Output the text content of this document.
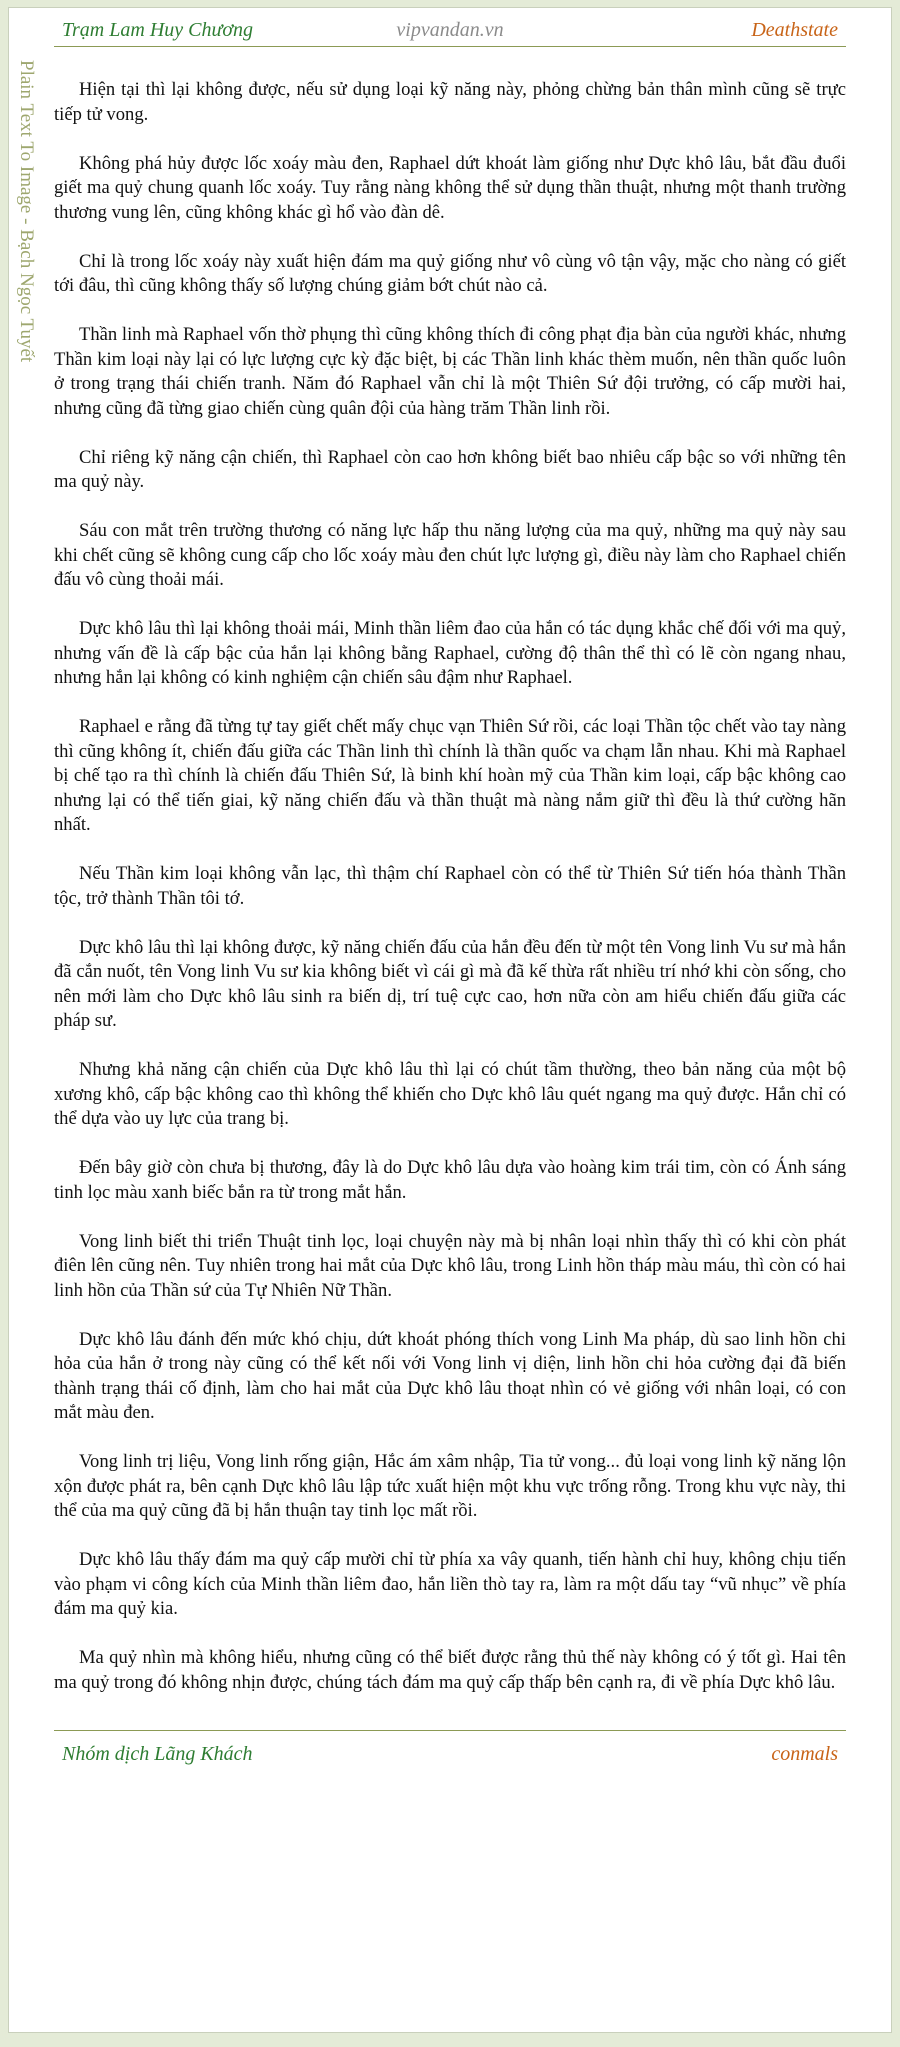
Trạm Lam Huy Chương	vipvandan.vn	Deathstate
Plain Text To Image - Bạch Ngọc Tuyết	Hiện tại thì lại không được, nếu sử dụng loại kỹ năng này, phỏng chừng bản thân mình cũng sẽ trực tiếp tử vong.

Không phá hủy được lốc xoáy màu đen, Raphael dứt khoát làm giống như Dực khô lâu, bắt đầu đuổi giết ma quỷ chung quanh lốc xoáy. Tuy rằng nàng không thể sử dụng thần thuật, nhưng một thanh trường thương vung lên, cũng không khác gì hổ vào đàn dê.

Chỉ là trong lốc xoáy này xuất hiện đám ma quỷ giống như vô cùng vô tận vậy, mặc cho nàng có giết tới đâu, thì cũng không thấy số lượng chúng giảm bớt chút nào cả.

Thần linh mà Raphael vốn thờ phụng thì cũng không thích đi công phạt địa bàn của người khác, nhưng Thần kim loại này lại có lực lượng cực kỳ đặc biệt, bị các Thần linh khác thèm muốn, nên thần quốc luôn ở trong trạng thái chiến tranh. Năm đó Raphael vẫn chỉ là một Thiên Sứ đội trưởng, có cấp mười hai, nhưng cũng đã từng giao chiến cùng quân đội của hàng trăm Thần linh rồi.

Chỉ riêng kỹ năng cận chiến, thì Raphael còn cao hơn không biết bao nhiêu cấp bậc so với những tên ma quỷ này.

Sáu con mắt trên trường thương có năng lực hấp thu năng lượng của ma quỷ, những ma quỷ này sau khi chết cũng sẽ không cung cấp cho lốc xoáy màu đen chút lực lượng gì, điều này làm cho Raphael chiến đấu vô cùng thoải mái.

Dực khô lâu thì lại không thoải mái, Minh thần liêm đao của hắn có tác dụng khắc chế đối với ma quỷ, nhưng vấn đề là cấp bậc của hắn lại không bằng Raphael, cường độ thân thể thì có lẽ còn ngang nhau, nhưng hắn lại không có kinh nghiệm cận chiến sâu đậm như Raphael.

Raphael e rằng đã từng tự tay giết chết mấy chục vạn Thiên Sứ rồi, các loại Thần tộc chết vào tay nàng thì cũng không ít, chiến đấu giữa các Thần linh thì chính là thần quốc va chạm lẫn nhau. Khi mà Raphael bị chế tạo ra thì chính là chiến đấu Thiên Sứ, là binh khí hoàn mỹ của Thần kim loại, cấp bậc không cao nhưng lại có thể tiến giai, kỹ năng chiến đấu và thần thuật mà nàng nắm giữ thì đều là thứ cường hãn nhất.

Nếu Thần kim loại không vẫn lạc, thì thậm chí Raphael còn có thể từ Thiên Sứ tiến hóa thành Thần tộc, trở thành Thần tôi tớ.

Dực khô lâu thì lại không được, kỹ năng chiến đấu của hắn đều đến từ một tên Vong linh Vu sư mà hắn đã cắn nuốt, tên Vong linh Vu sư kia không biết vì cái gì mà đã kế thừa rất nhiều trí nhớ khi còn sống, cho nên mới làm cho Dực khô lâu sinh ra biến dị, trí tuệ cực cao, hơn nữa còn am hiểu chiến đấu giữa các pháp sư.

Nhưng khả năng cận chiến của Dực khô lâu thì lại có chút tầm thường, theo bản năng của một bộ xương khô, cấp bậc không cao thì không thể khiến cho Dực khô lâu quét ngang ma quỷ được. Hắn chỉ có thể dựa vào uy lực của trang bị.

Đến bây giờ còn chưa bị thương, đây là do Dực khô lâu dựa vào hoàng kim trái tim, còn có Ánh sáng tinh lọc màu xanh biếc bắn ra từ trong mắt hắn.

Vong linh biết thi triển Thuật tinh lọc, loại chuyện này mà bị nhân loại nhìn thấy thì có khi còn phát điên lên cũng nên. Tuy nhiên trong hai mắt của Dực khô lâu, trong Linh hồn tháp màu máu, thì còn có hai linh hồn của Thần sứ của Tự Nhiên Nữ Thần.

Dực khô lâu đánh đến mức khó chịu, dứt khoát phóng thích vong Linh Ma pháp, dù sao linh hồn chi hỏa của hắn ở trong này cũng có thể kết nối với Vong linh vị diện, linh hồn chi hỏa cường đại đã biến thành trạng thái cố định, làm cho hai mắt của Dực khô lâu thoạt nhìn có vẻ giống với nhân loại, có con mắt màu đen.

Vong linh trị liệu, Vong linh rống giận, Hắc ám xâm nhập, Tia tử vong... đủ loại vong linh kỹ năng lộn xộn được phát ra, bên cạnh Dực khô lâu lập tức xuất hiện một khu vực trống rỗng. Trong khu vực này, thi thể của ma quỷ cũng đã bị hắn thuận tay tinh lọc mất rồi.

Dực khô lâu thấy đám ma quỷ cấp mười chỉ từ phía xa vây quanh, tiến hành chỉ huy, không chịu tiến vào phạm vi công kích của Minh thần liêm đao, hắn liền thò tay ra, làm ra một dấu tay “vũ nhục” về phía đám ma quỷ kia.

Ma quỷ nhìn mà không hiểu, nhưng cũng có thể biết được rằng thủ thế này không có ý tốt gì. Hai tên ma quỷ trong đó không nhịn được, chúng tách đám ma quỷ cấp thấp bên cạnh ra, đi về phía Dực khô lâu.

Nhóm dịch Lãng Khách	conmals
